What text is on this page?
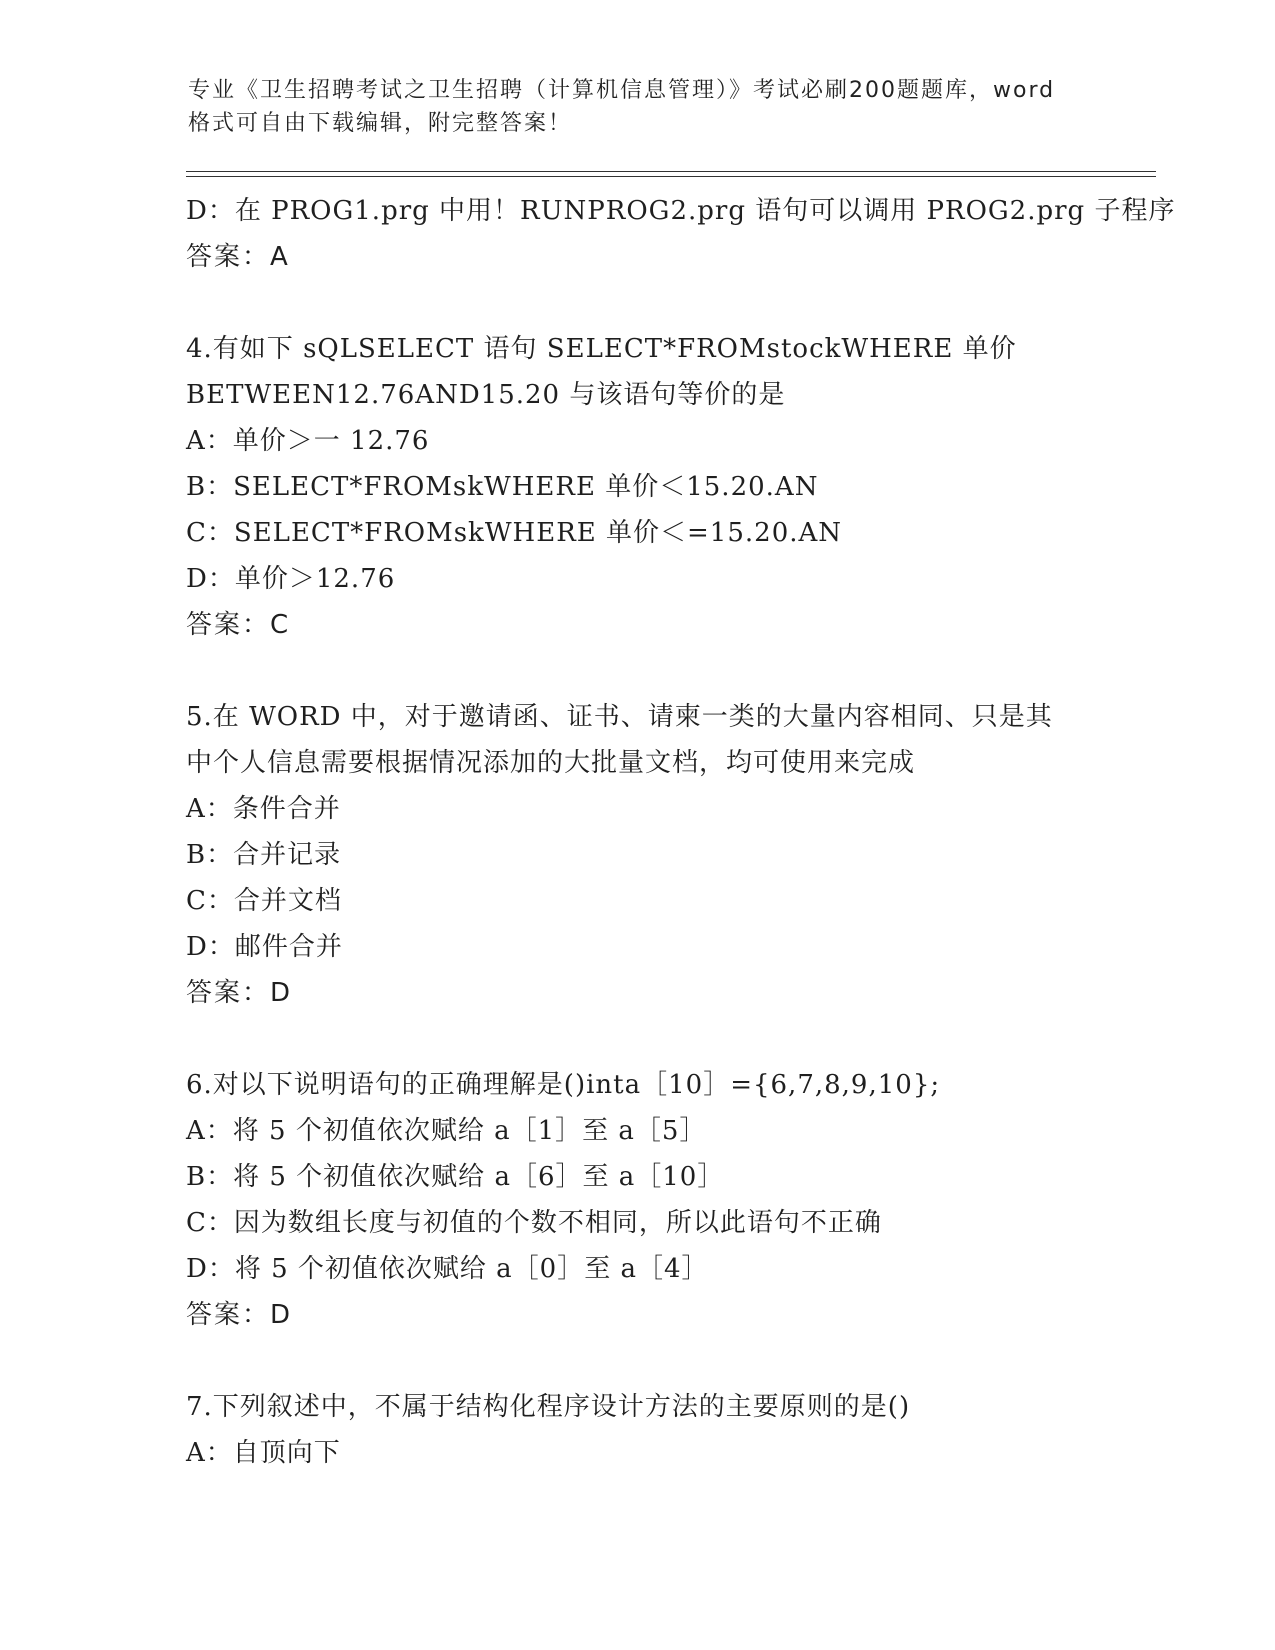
专业《卫生招聘考试之卫生招聘（计算机信息管理）》考试必刷200题题库，word
格式可自由下载编辑，附完整答案！
D：在 PROG1.prg 中用！RUNPROG2.prg 语句可以调用 PROG2.prg 子程序
答案：A
4.有如下 sQLSELECT 语句 SELECT*FROMstockWHERE 单价
BETWEEN12.76AND15.20 与该语句等价的是
A：单价＞一 12.76
B：SELECT*FROMskWHERE 单价＜15.20.AN
C：SELECT*FROMskWHERE 单价＜=15.20.AN
D：单价＞12.76
答案：C
5.在 WORD 中，对于邀请函、证书、请柬一类的大量内容相同、只是其
中个人信息需要根据情况添加的大批量文档，均可使用来完成
A：条件合并
B：合并记录
C：合并文档
D：邮件合并
答案：D
6.对以下说明语句的正确理解是()inta［10］={6,7,8,9,10};
A：将 5 个初值依次赋给 a［1］至 a［5］
B：将 5 个初值依次赋给 a［6］至 a［10］
C：因为数组长度与初值的个数不相同，所以此语句不正确
D：将 5 个初值依次赋给 a［0］至 a［4］
答案：D
7.下列叙述中，不属于结构化程序设计方法的主要原则的是()
A：自顶向下
